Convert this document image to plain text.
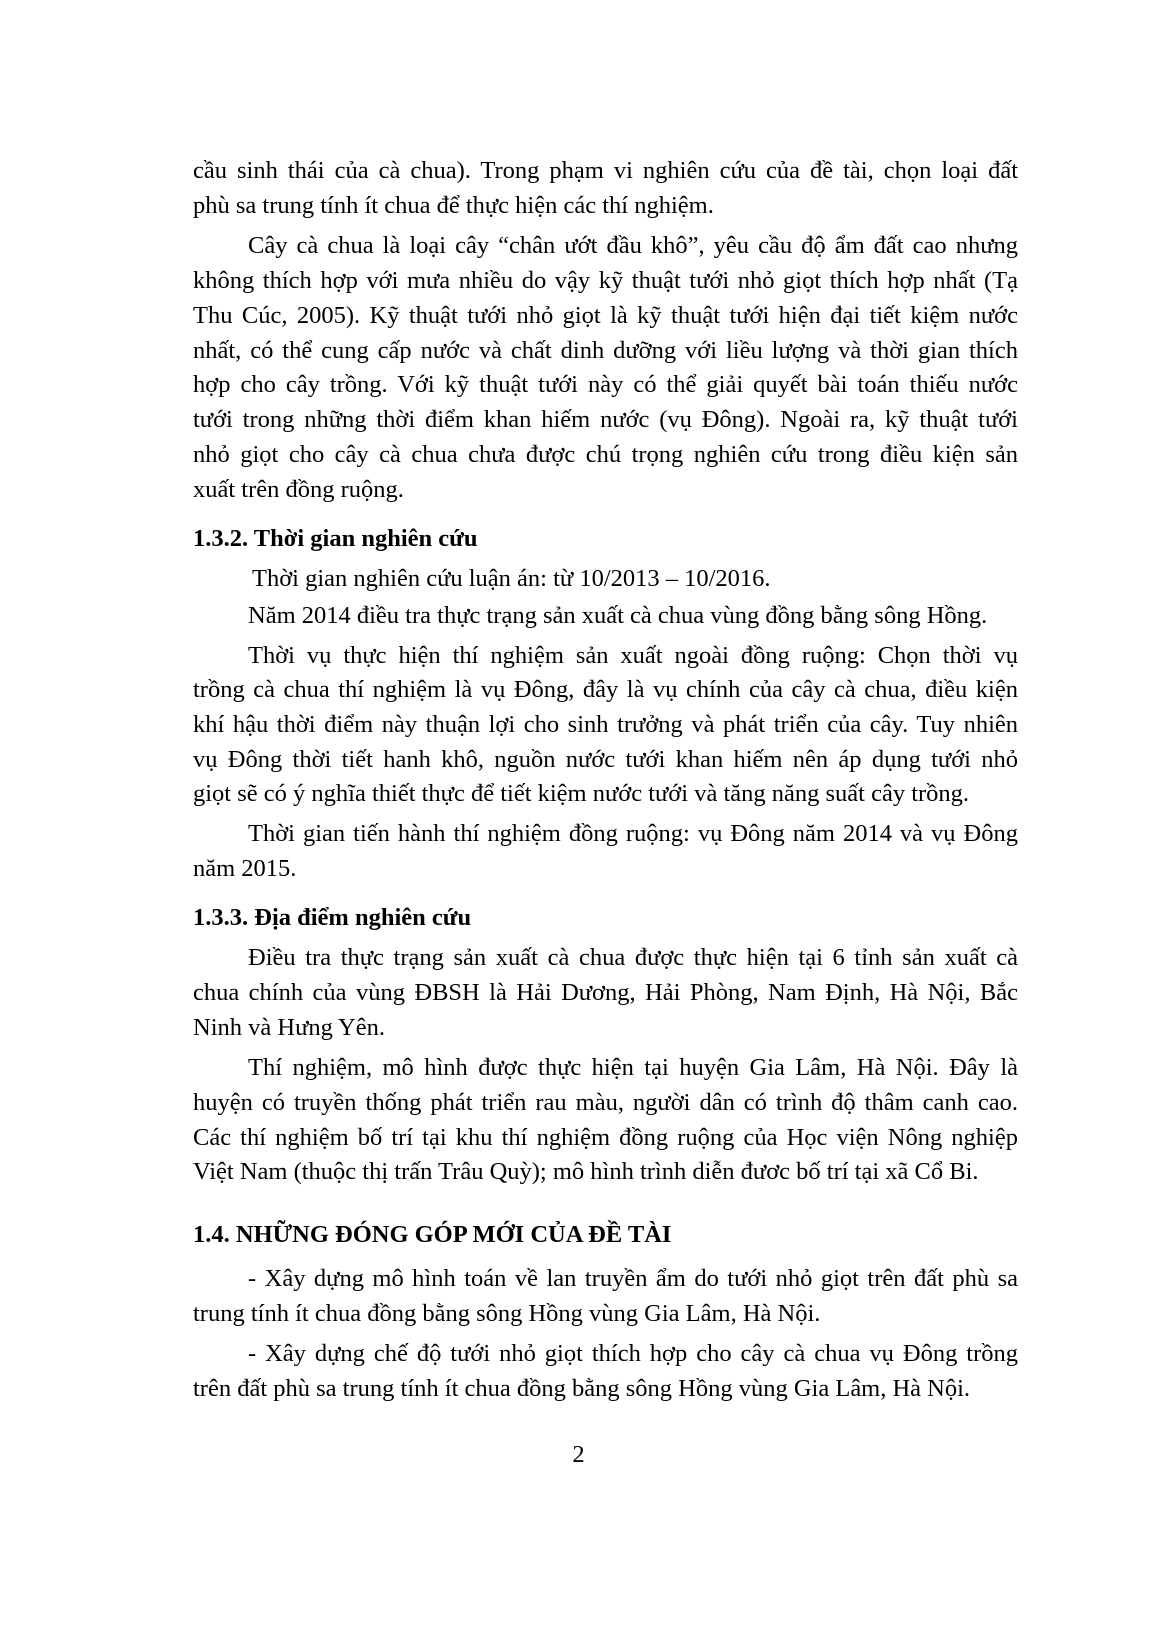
cầu sinh thái của cà chua). Trong phạm vi nghiên cứu của đề tài, chọn loại đất
phù sa trung tính ít chua để thực hiện các thí nghiệm.
Cây cà chua là loại cây “chân ướt đầu khô”, yêu cầu độ ẩm đất cao nhưng
không thích hợp với mưa nhiều do vậy kỹ thuật tưới nhỏ giọt thích hợp nhất (Tạ
Thu Cúc, 2005). Kỹ thuật tưới nhỏ giọt là kỹ thuật tưới hiện đại tiết kiệm nước
nhất, có thể cung cấp nước và chất dinh dưỡng với liều lượng và thời gian thích
hợp cho cây trồng. Với kỹ thuật tưới này có thể giải quyết bài toán thiếu nước
tưới trong những thời điểm khan hiếm nước (vụ Đông). Ngoài ra, kỹ thuật tưới
nhỏ giọt cho cây cà chua chưa được chú trọng nghiên cứu trong điều kiện sản
xuất trên đồng ruộng.
1.3.2. Thời gian nghiên cứu
Thời gian nghiên cứu luận án: từ 10/2013 – 10/2016.
Năm 2014 điều tra thực trạng sản xuất cà chua vùng đồng bằng sông Hồng.
Thời vụ thực hiện thí nghiệm sản xuất ngoài đồng ruộng: Chọn thời vụ
trồng cà chua thí nghiệm là vụ Đông, đây là vụ chính của cây cà chua, điều kiện
khí hậu thời điểm này thuận lợi cho sinh trưởng và phát triển của cây. Tuy nhiên
vụ Đông thời tiết hanh khô, nguồn nước tưới khan hiếm nên áp dụng tưới nhỏ
giọt sẽ có ý nghĩa thiết thực để tiết kiệm nước tưới và tăng năng suất cây trồng.
Thời gian tiến hành thí nghiệm đồng ruộng: vụ Đông năm 2014 và vụ Đông
năm 2015.
1.3.3. Địa điểm nghiên cứu
Điều tra thực trạng sản xuất cà chua được thực hiện tại 6 tỉnh sản xuất cà
chua chính của vùng ĐBSH là Hải Dương, Hải Phòng, Nam Định, Hà Nội, Bắc
Ninh và Hưng Yên.
Thí nghiệm, mô hình được thực hiện tại huyện Gia Lâm, Hà Nội. Đây là
huyện có truyền thống phát triển rau màu, người dân có trình độ thâm canh cao.
Các thí nghiệm bố trí tại khu thí nghiệm đồng ruộng của Học viện Nông nghiệp
Việt Nam (thuộc thị trấn Trâu Quỳ); mô hình trình diễn đươc bố trí tại xã Cổ Bi.
1.4. NHỮNG ĐÓNG GÓP MỚI CỦA ĐỀ TÀI
- Xây dựng mô hình toán về lan truyền ẩm do tưới nhỏ giọt trên đất phù sa
trung tính ít chua đồng bằng sông Hồng vùng Gia Lâm, Hà Nội.
- Xây dựng chế độ tưới nhỏ giọt thích hợp cho cây cà chua vụ Đông trồng
trên đất phù sa trung tính ít chua đồng bằng sông Hồng vùng Gia Lâm, Hà Nội.
2
